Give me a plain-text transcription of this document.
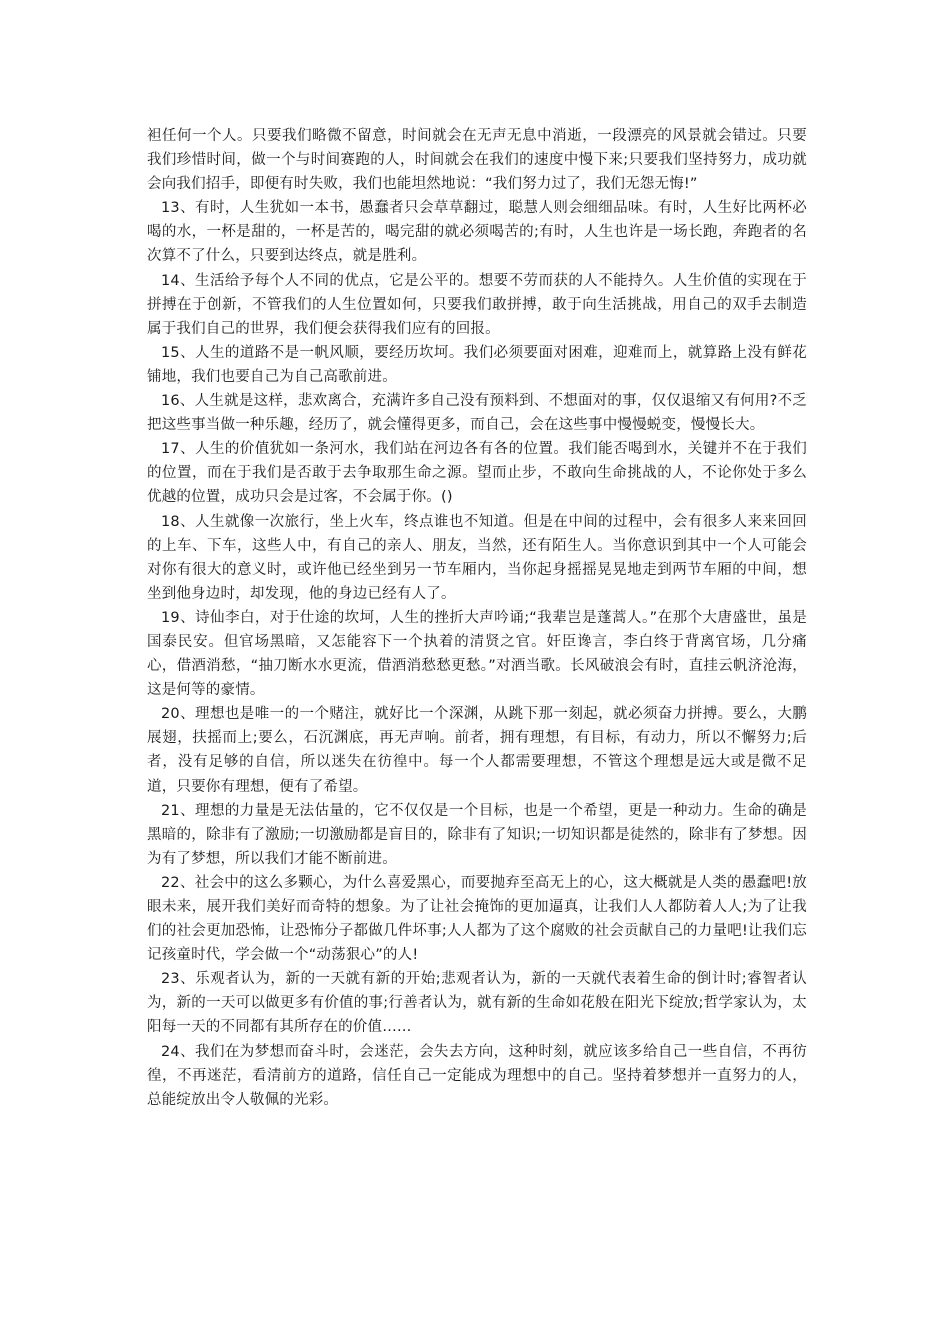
袒任何一个人。只要我们略微不留意，时间就会在无声无息中消逝，一段漂亮的风景就会错过。只要我们珍惜时间，做一个与时间赛跑的人，时间就会在我们的速度中慢下来;只要我们坚持努力，成功就会向我们招手，即便有时失败，我们也能坦然地说：“我们努力过了，我们无怨无悔!”

13、有时，人生犹如一本书，愚蠢者只会草草翻过，聪慧人则会细细品味。有时，人生好比两杯必喝的水，一杯是甜的，一杯是苦的，喝完甜的就必须喝苦的;有时，人生也许是一场长跑，奔跑者的名次算不了什么，只要到达终点，就是胜利。

14、生活给予每个人不同的优点，它是公平的。想要不劳而获的人不能持久。人生价值的实现在于拼搏在于创新，不管我们的人生位置如何，只要我们敢拼搏，敢于向生活挑战，用自己的双手去制造属于我们自己的世界，我们便会获得我们应有的回报。

15、人生的道路不是一帆风顺，要经历坎坷。我们必须要面对困难，迎难而上，就算路上没有鲜花铺地，我们也要自己为自己高歌前进。

16、人生就是这样，悲欢离合，充满许多自己没有预料到、不想面对的事，仅仅退缩又有何用?不乏把这些事当做一种乐趣，经历了，就会懂得更多，而自己，会在这些事中慢慢蜕变，慢慢长大。

17、人生的价值犹如一条河水，我们站在河边各有各的位置。我们能否喝到水，关键并不在于我们的位置，而在于我们是否敢于去争取那生命之源。望而止步，不敢向生命挑战的人，不论你处于多么优越的位置，成功只会是过客，不会属于你。()

18、人生就像一次旅行，坐上火车，终点谁也不知道。但是在中间的过程中，会有很多人来来回回的上车、下车，这些人中，有自己的亲人、朋友，当然，还有陌生人。当你意识到其中一个人可能会对你有很大的意义时，或许他已经坐到另一节车厢内，当你起身摇摇晃晃地走到两节车厢的中间，想坐到他身边时，却发现，他的身边已经有人了。

19、诗仙李白，对于仕途的坎坷，人生的挫折大声吟诵;“我辈岂是蓬蒿人。”在那个大唐盛世，虽是国泰民安。但官场黑暗，又怎能容下一个执着的清贤之官。奸臣谗言，李白终于背离官场，几分痛心，借酒消愁，“抽刀断水水更流，借酒消愁愁更愁。”对酒当歌。长风破浪会有时，直挂云帆济沧海，这是何等的豪情。

20、理想也是唯一的一个赌注，就好比一个深渊，从跳下那一刻起，就必须奋力拼搏。要么，大鹏展翅，扶摇而上;要么，石沉渊底，再无声响。前者，拥有理想，有目标，有动力，所以不懈努力;后者，没有足够的自信，所以迷失在彷徨中。每一个人都需要理想，不管这个理想是远大或是微不足道，只要你有理想，便有了希望。

21、理想的力量是无法估量的，它不仅仅是一个目标，也是一个希望，更是一种动力。生命的确是黑暗的，除非有了激励;一切激励都是盲目的，除非有了知识;一切知识都是徒然的，除非有了梦想。因为有了梦想，所以我们才能不断前进。

22、社会中的这么多颗心，为什么喜爱黑心，而要抛弃至高无上的心，这大概就是人类的愚蠢吧!放眼未来，展开我们美好而奇特的想象。为了让社会掩饰的更加逼真，让我们人人都防着人人;为了让我们的社会更加恐怖，让恐怖分子都做几件坏事;人人都为了这个腐败的社会贡献自己的力量吧!让我们忘记孩童时代，学会做一个“动荡狠心”的人!

23、乐观者认为，新的一天就有新的开始;悲观者认为，新的一天就代表着生命的倒计时;睿智者认为，新的一天可以做更多有价值的事;行善者认为，就有新的生命如花般在阳光下绽放;哲学家认为，太阳每一天的不同都有其所存在的价值……

24、我们在为梦想而奋斗时，会迷茫，会失去方向，这种时刻，就应该多给自己一些自信，不再彷徨，不再迷茫，看清前方的道路，信任自己一定能成为理想中的自己。坚持着梦想并一直努力的人，总能绽放出令人敬佩的光彩。
